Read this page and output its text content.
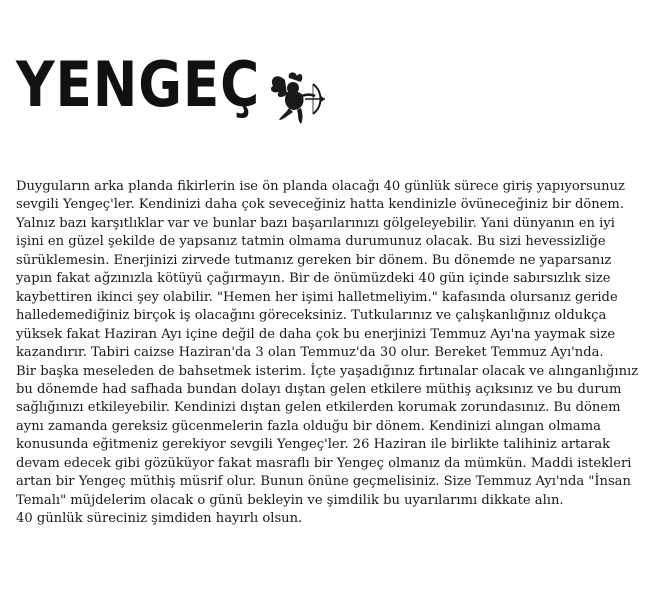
YENGEÇ

Duyguların arka planda fikirlerin ise ön planda olacağı 40 günlük sürece giriş yapıyorsunuz
sevgili Yengeç'ler. Kendinizi daha çok seveceğiniz hatta kendinizle övüneceğiniz bir dönem.
Yalnız bazı karşıtlıklar var ve bunlar bazı başarılarınızı gölgeleyebilir. Yani dünyanın en iyi
işini en güzel şekilde de yapsanız tatmin olmama durumunuz olacak. Bu sizi hevessizliğe
sürüklemesin. Enerjinizi zirvede tutmanız gereken bir dönem. Bu dönemde ne yaparsanız
yapın fakat ağzınızla kötüyü çağırmayın. Bir de önümüzdeki 40 gün içinde sabırsızlık size
kaybettiren ikinci şey olabilir. "Hemen her işimi halletmeliyim." kafasında olursanız geride
halledemediğiniz birçok iş olacağını göreceksiniz. Tutkularınız ve çalışkanlığınız oldukça
yüksek fakat Haziran Ayı içine değil de daha çok bu enerjinizi Temmuz Ayı'na yaymak size
kazandırır. Tabiri caizse Haziran'da 3 olan Temmuz'da 30 olur. Bereket Temmuz Ayı'nda.
Bir başka meseleden de bahsetmek isterim. İçte yaşadığınız fırtınalar olacak ve alınganlığınız
bu dönemde had safhada bundan dolayı dıştan gelen etkilere müthiş açıksınız ve bu durum
sağlığınızı etkileyebilir. Kendinizi dıştan gelen etkilerden korumak zorundasınız. Bu dönem
aynı zamanda gereksiz gücenmelerin fazla olduğu bir dönem. Kendinizi alıngan olmama
konusunda eğitmeniz gerekiyor sevgili Yengeç'ler. 26 Haziran ile birlikte talihiniz artarak
devam edecek gibi gözüküyor fakat masraflı bir Yengeç olmanız da mümkün. Maddi istekleri
artan bir Yengeç müthiş müsrif olur. Bunun önüne geçmelisiniz. Size Temmuz Ayı'nda "İnsan
Temalı" müjdelerim olacak o günü bekleyin ve şimdilik bu uyarılarımı dikkate alın.
40 günlük süreciniz şimdiden hayırlı olsun.
